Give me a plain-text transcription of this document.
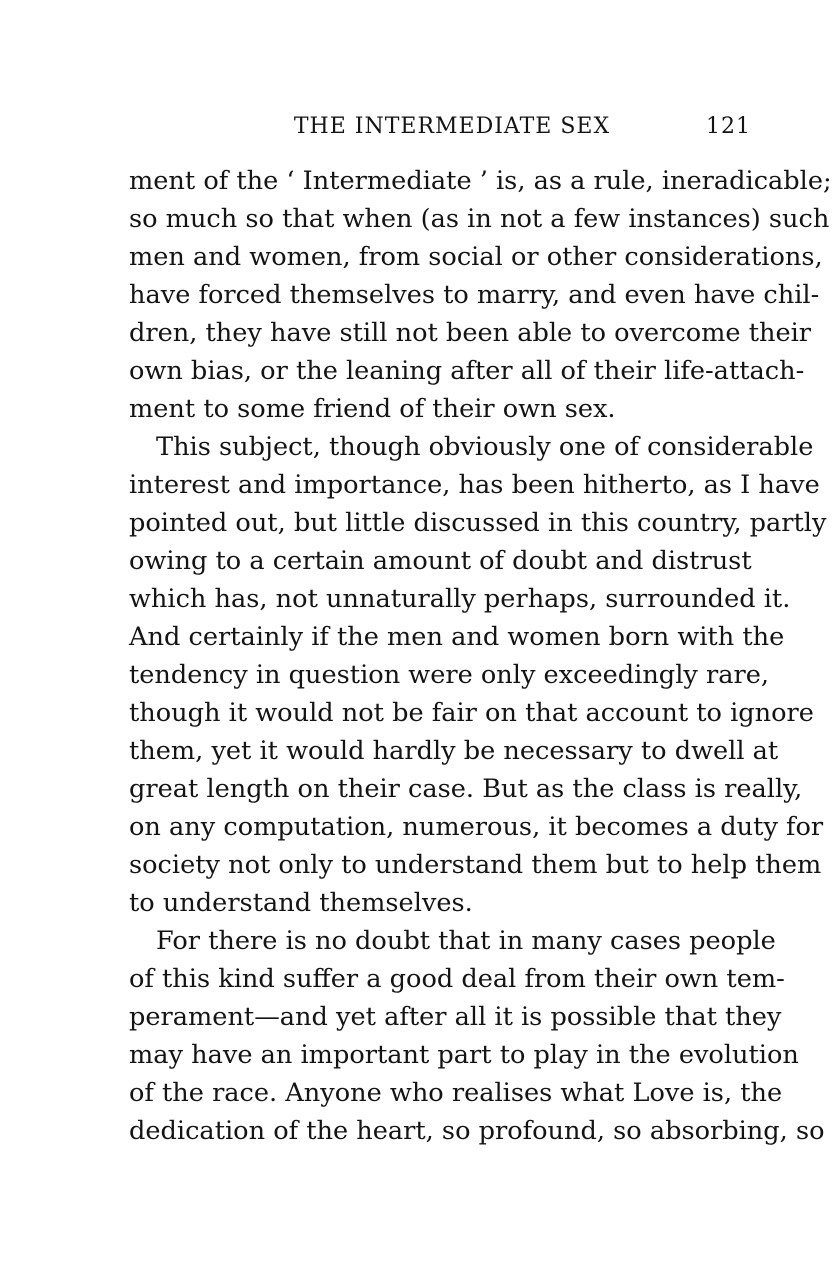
THE INTERMEDIATE SEX	121
ment of the ‘ Intermediate ’ is, as a rule, ineradicable;
so much so that when (as in not a few instances) such
men and women, from social or other considerations,
have forced themselves to marry, and even have chil-
dren, they have still not been able to overcome their
own bias, or the leaning after all of their life-attach-
ment to some friend of their own sex.
This subject, though obviously one of considerable
interest and importance, has been hitherto, as I have
pointed out, but little discussed in this country, partly
owing to a certain amount of doubt and distrust
which has, not unnaturally perhaps, surrounded it.
And certainly if the men and women born with the
tendency in question were only exceedingly rare,
though it would not be fair on that account to ignore
them, yet it would hardly be necessary to dwell at
great length on their case. But as the class is really,
on any computation, numerous, it becomes a duty for
society not only to understand them but to help them
to understand themselves.
For there is no doubt that in many cases people
of this kind suffer a good deal from their own tem-
perament—and yet after all it is possible that they
may have an important part to play in the evolution
of the race. Anyone who realises what Love is, the
dedication of the heart, so profound, so absorbing, so
